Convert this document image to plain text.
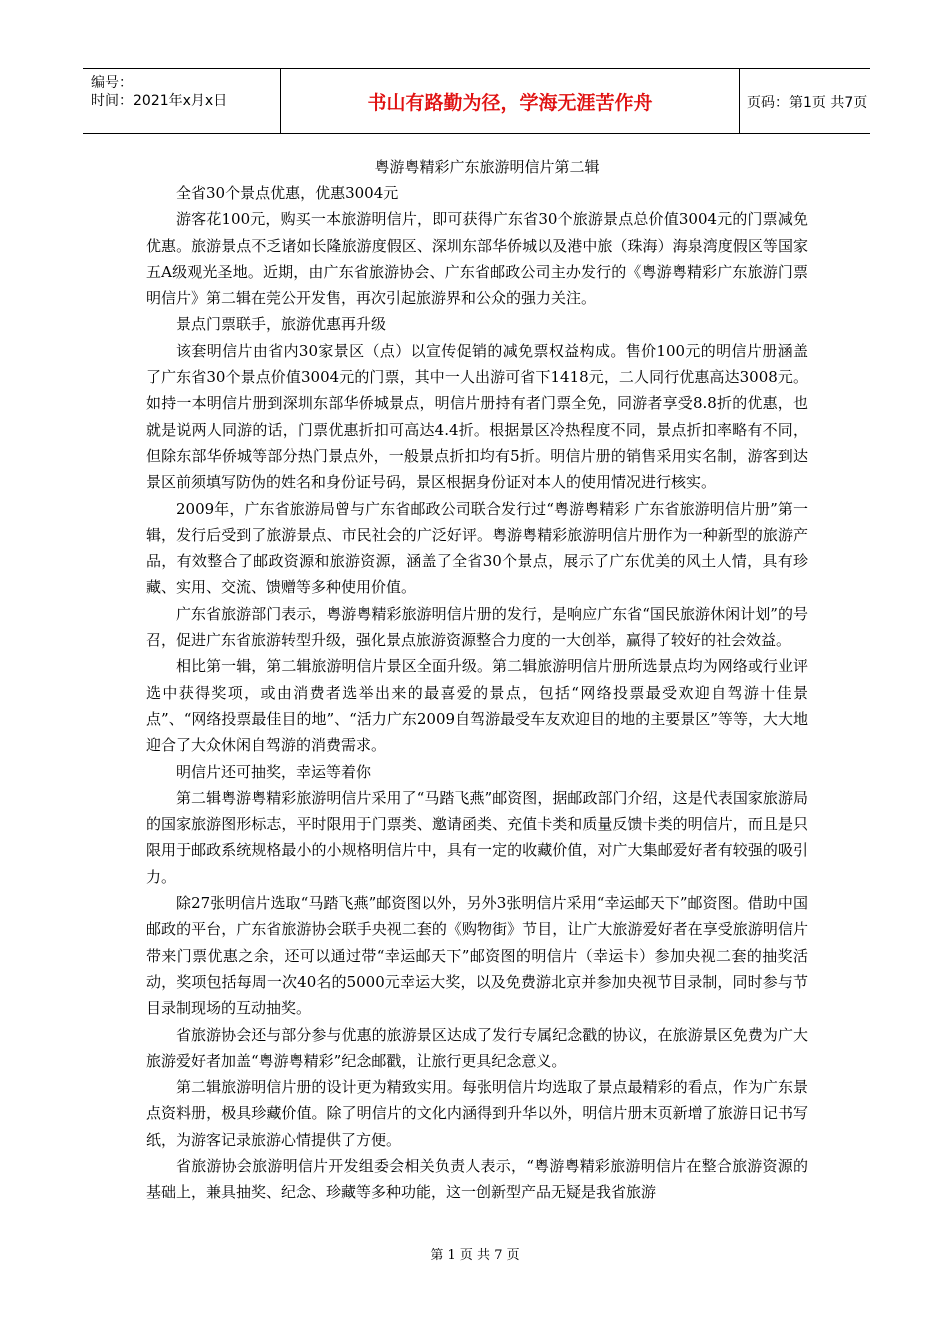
编号：
时间：2021年x月x日	书山有路勤为径，学海无涯苦作舟	页码：第1页 共7页
粤游粤精彩广东旅游明信片第二辑

全省30个景点优惠，优惠3004元

游客花100元，购买一本旅游明信片，即可获得广东省30个旅游景点总价值3004元的门票减免优惠。旅游景点不乏诸如长隆旅游度假区、深圳东部华侨城以及港中旅（珠海）海泉湾度假区等国家五A级观光圣地。近期，由广东省旅游协会、广东省邮政公司主办发行的《粤游粤精彩广东旅游门票明信片》第二辑在莞公开发售，再次引起旅游界和公众的强力关注。

景点门票联手，旅游优惠再升级

该套明信片由省内30家景区（点）以宣传促销的减免票权益构成。售价100元的明信片册涵盖了广东省30个景点价值3004元的门票，其中一人出游可省下1418元，二人同行优惠高达3008元。如持一本明信片册到深圳东部华侨城景点，明信片册持有者门票全免，同游者享受8.8折的优惠，也就是说两人同游的话，门票优惠折扣可高达4.4折。根据景区冷热程度不同，景点折扣率略有不同，但除东部华侨城等部分热门景点外，一般景点折扣均有5折。明信片册的销售采用实名制，游客到达景区前须填写防伪的姓名和身份证号码，景区根据身份证对本人的使用情况进行核实。

2009年，广东省旅游局曾与广东省邮政公司联合发行过“粤游粤精彩 广东省旅游明信片册”第一辑，发行后受到了旅游景点、市民社会的广泛好评。粤游粤精彩旅游明信片册作为一种新型的旅游产品，有效整合了邮政资源和旅游资源，涵盖了全省30个景点，展示了广东优美的风土人情，具有珍藏、实用、交流、馈赠等多种使用价值。

广东省旅游部门表示，粤游粤精彩旅游明信片册的发行，是响应广东省“国民旅游休闲计划”的号召，促进广东省旅游转型升级，强化景点旅游资源整合力度的一大创举，赢得了较好的社会效益。

相比第一辑，第二辑旅游明信片景区全面升级。第二辑旅游明信片册所选景点均为网络或行业评选中获得奖项，或由消费者选举出来的最喜爱的景点，包括“网络投票最受欢迎自驾游十佳景点”、“网络投票最佳目的地”、“活力广东2009自驾游最受车友欢迎目的地的主要景区”等等，大大地迎合了大众休闲自驾游的消费需求。

明信片还可抽奖，幸运等着你

第二辑粤游粤精彩旅游明信片采用了“马踏飞燕”邮资图，据邮政部门介绍，这是代表国家旅游局的国家旅游图形标志，平时限用于门票类、邀请函类、充值卡类和质量反馈卡类的明信片，而且是只限用于邮政系统规格最小的小规格明信片中，具有一定的收藏价值，对广大集邮爱好者有较强的吸引力。

除27张明信片选取“马踏飞燕”邮资图以外，另外3张明信片采用“幸运邮天下”邮资图。借助中国邮政的平台，广东省旅游协会联手央视二套的《购物街》节目，让广大旅游爱好者在享受旅游明信片带来门票优惠之余，还可以通过带“幸运邮天下”邮资图的明信片（幸运卡）参加央视二套的抽奖活动，奖项包括每周一次40名的5000元幸运大奖，以及免费游北京并参加央视节目录制，同时参与节目录制现场的互动抽奖。

省旅游协会还与部分参与优惠的旅游景区达成了发行专属纪念戳的协议，在旅游景区免费为广大旅游爱好者加盖“粤游粤精彩”纪念邮戳，让旅行更具纪念意义。

第二辑旅游明信片册的设计更为精致实用。每张明信片均选取了景点最精彩的看点，作为广东景点资料册，极具珍藏价值。除了明信片的文化内涵得到升华以外，明信片册末页新增了旅游日记书写纸，为游客记录旅游心情提供了方便。

省旅游协会旅游明信片开发组委会相关负责人表示，“粤游粤精彩旅游明信片在整合旅游资源的基础上，兼具抽奖、纪念、珍藏等多种功能，这一创新型产品无疑是我省旅游

第 1 页 共 7 页
